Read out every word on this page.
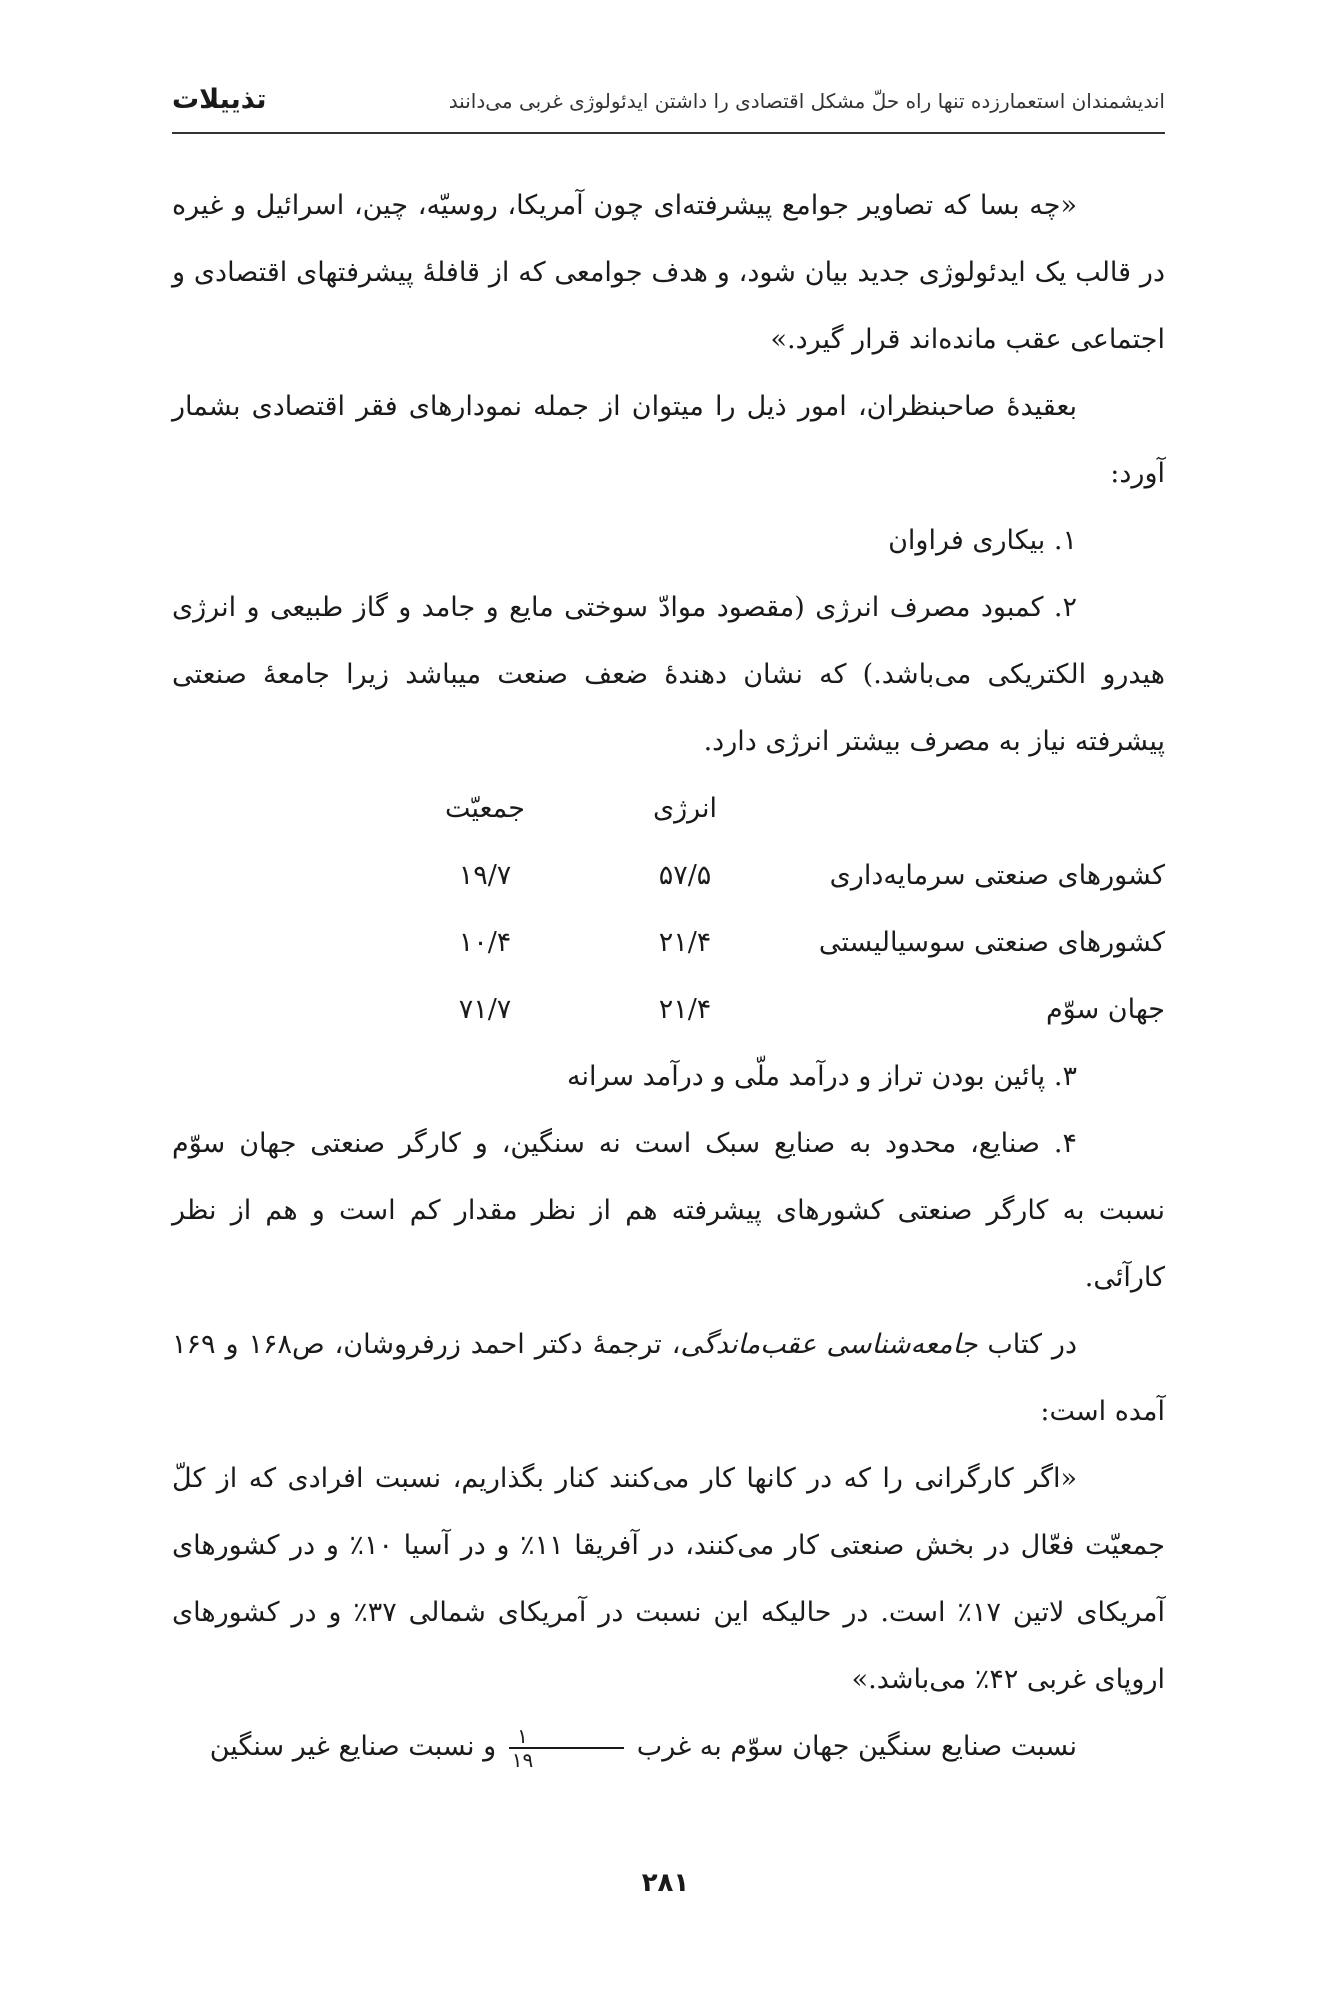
اندیشمندان استعمارزده تنها راه حلّ مشکل اقتصادی را داشتن ایدئولوژی غربی می‌دانند
تذییلات

«چه بسا که تصاویر جوامع پیشرفته‌ای چون آمریکا، روسیّه، چین، اسرائیل و غیره در قالب یک ایدئولوژی جدید بیان شود، و هدف جوامعی که از قافلهٔ پیشرفتهای اقتصادی و اجتماعی عقب مانده‌اند قرار گیرد.»

بعقیدهٔ صاحبنظران، امور ذیل را میتوان از جمله نمودارهای فقر اقتصادی بشمار آورد:

۱. بیکاری فراوان

۲. کمبود مصرف انرژی (مقصود موادّ سوختی مایع و جامد و گاز طبیعی و انرژی هیدرو الکتریکی می‌باشد.) که نشان دهندهٔ ضعف صنعت میباشد زیرا جامعهٔ صنعتی پیشرفته نیاز به مصرف بیشتر انرژی دارد.

	انرژی	جمعیّت	
کشورهای صنعتی سرمایه‌داری	۵۷/۵	۱۹/۷	
کشورهای صنعتی سوسیالیستی	۲۱/۴	۱۰/۴	
جهان سوّم	۲۱/۴	۷۱/۷	

۳. پائین بودن تراز و درآمد ملّی و درآمد سرانه

۴. صنایع، محدود به صنایع سبک است نه سنگین، و کارگر صنعتی جهان سوّم نسبت به کارگر صنعتی کشورهای پیشرفته هم از نظر مقدار کم است و هم از نظر کارآئی.

در کتاب جامعه‌شناسی عقب‌ماندگی، ترجمهٔ دکتر احمد زرفروشان، ص۱۶۸ و ۱۶۹ آمده است:

«اگر کارگرانی را که در کانها کار می‌کنند کنار بگذاریم، نسبت افرادی که از کلّ جمعیّت فعّال در بخش صنعتی کار می‌کنند، در آفریقا ۱۱٪ و در آسیا ۱۰٪ و در کشورهای آمریکای لاتین ۱۷٪ است. در حالیکه این نسبت در آمریکای شمالی ۳۷٪ و در کشورهای اروپای غربی ۴۲٪ می‌باشد.»

نسبت صنایع سنگین جهان سوّم به غرب
$\frac{۱}{۱۹}$
و نسبت صنایع غیر سنگین

۲۸۱
